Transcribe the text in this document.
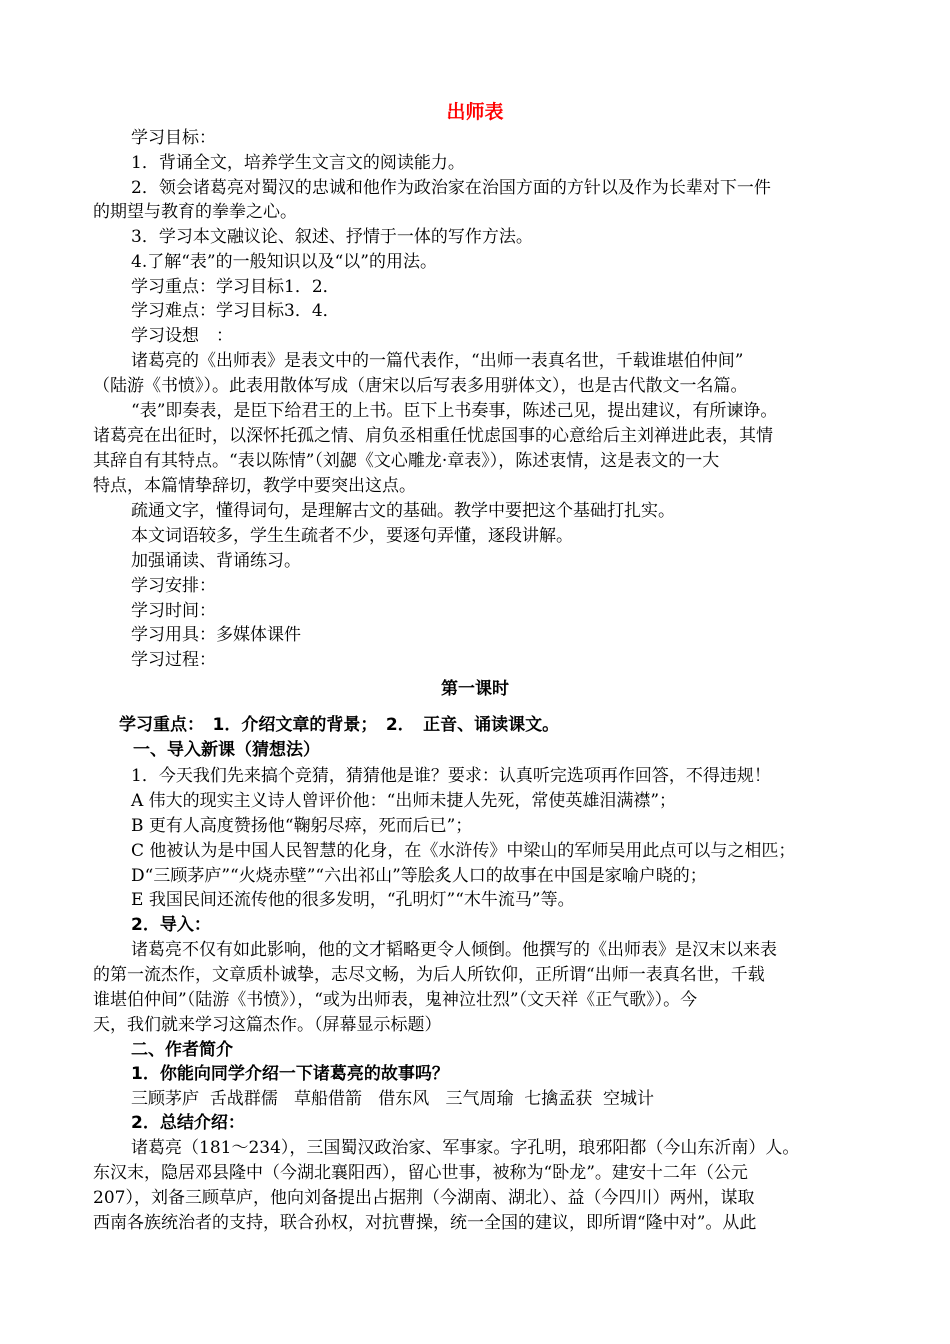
出师表
学习目标：
1．背诵全文，培养学生文言文的阅读能力。
2．领会诸葛亮对蜀汉的忠诚和他作为政治家在治国方面的方针以及作为长辈对下一件
的期望与教育的拳拳之心。
3．学习本文融议论、叙述、抒情于一体的写作方法。
4.了解“表”的一般知识以及“以”的用法。
学习重点：学习目标1．2．
学习难点：学习目标3．4．
学习设想　：
诸葛亮的《出师表》是表文中的一篇代表作，“出师一表真名世，千载谁堪伯仲间”
（陆游《书愤》）。此表用散体写成（唐宋以后写表多用骈体文），也是古代散文一名篇。
“表”即奏表，是臣下给君王的上书。臣下上书奏事，陈述己见，提出建议，有所谏诤。
诸葛亮在出征时，以深怀托孤之情、肩负丞相重任忧虑国事的心意给后主刘禅进此表，其情
其辞自有其特点。“表以陈情”（刘勰《文心雕龙·章表》），陈述衷情，这是表文的一大
特点，本篇情挚辞切，教学中要突出这点。
疏通文字，懂得词句，是理解古文的基础。教学中要把这个基础打扎实。
本文词语较多，学生生疏者不少，要逐句弄懂，逐段讲解。
加强诵读、背诵练习。
学习安排：
学习时间：
学习用具：多媒体课件
学习过程：
第一课时
学习重点：　1．介绍文章的背景；　2．　正音、诵读课文。
一、导入新课（猜想法）
1．今天我们先来搞个竞猜，猜猜他是谁？要求：认真听完选项再作回答，不得违规！
A 伟大的现实主义诗人曾评价他：“出师未捷人先死，常使英雄泪满襟”；
B 更有人高度赞扬他“鞠躬尽瘁，死而后已”；
C 他被认为是中国人民智慧的化身，在《水浒传》中梁山的军师吴用此点可以与之相匹；
D“三顾茅庐”“火烧赤壁”“六出祁山”等脍炙人口的故事在中国是家喻户晓的；
E 我国民间还流传他的很多发明，“孔明灯”“木牛流马”等。
2．导入：
诸葛亮不仅有如此影响，他的文才韬略更令人倾倒。他撰写的《出师表》是汉末以来表
的第一流杰作，文章质朴诚挚，志尽文畅，为后人所钦仰，正所谓“出师一表真名世，千载
谁堪伯仲间”（陆游《书愤》），“或为出师表，鬼神泣壮烈”（文天祥《正气歌》）。今
天，我们就来学习这篇杰作。（屏幕显示标题）
二、作者简介
1．你能向同学介绍一下诸葛亮的故事吗？
三顾茅庐  舌战群儒   草船借箭   借东风   三气周瑜  七擒孟获  空城计
2．总结介绍：
诸葛亮（181～234），三国蜀汉政治家、军事家。字孔明，琅邪阳都（今山东沂南）人。
东汉末，隐居邓县隆中（今湖北襄阳西），留心世事，被称为“卧龙”。建安十二年（公元
207），刘备三顾草庐，他向刘备提出占据荆（今湖南、湖北）、益（今四川）两州，谋取
西南各族统治者的支持，联合孙权，对抗曹操，统一全国的建议，即所谓“隆中对”。从此
